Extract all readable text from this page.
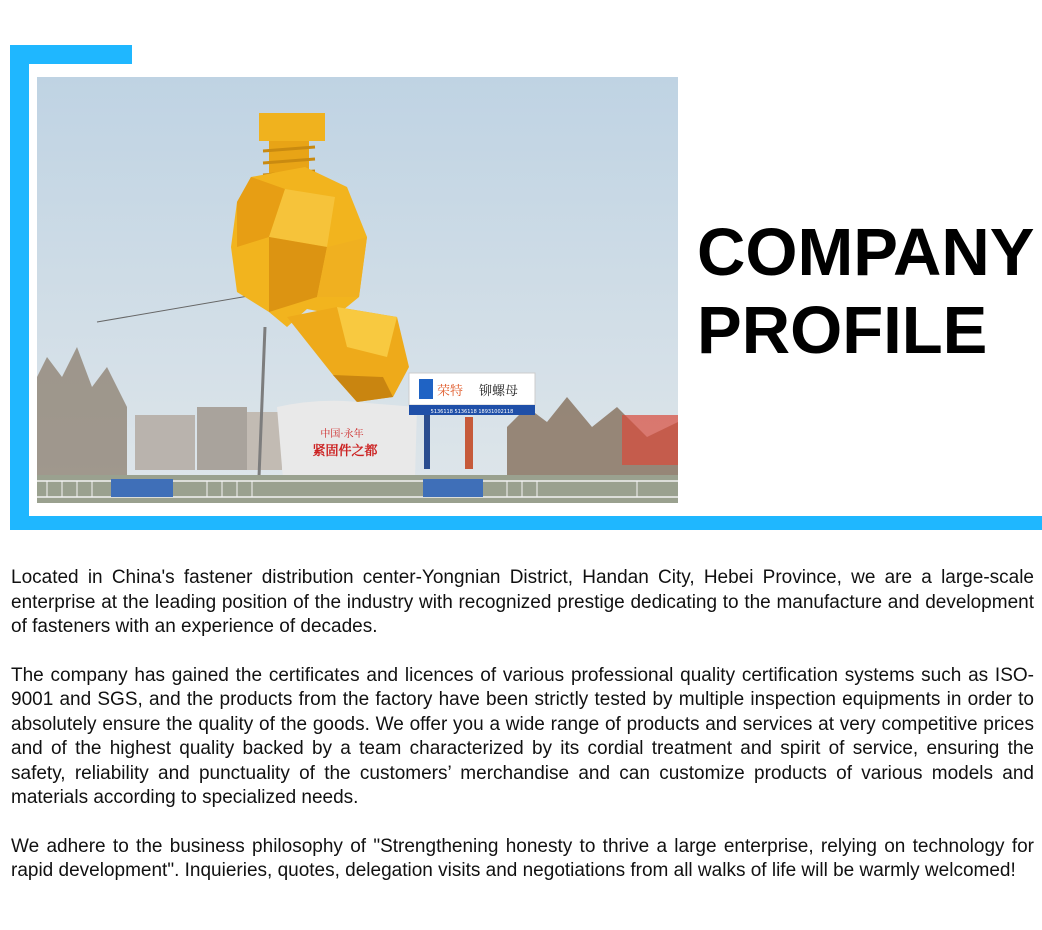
中国·永年
紧固件之都
荣特 铆螺母
5136118 5136118 18931002118
COMPANY
PROFILE

Located in China's fastener distribution center-Yongnian District, Handan City, Hebei Province, we are a large-scale enterprise at the leading position of the industry with recognized prestige dedicating to the manufacture and development of fasteners with an experience of decades.

The company has gained the certificates and licences of various professional quality certification systems such as ISO-9001 and SGS, and the products from the factory have been strictly tested by multiple inspection equipments in order to absolutely ensure the quality of the goods. We offer you a wide range of products and services at very competitive prices and of the highest quality backed by a team characterized by its cordial treatment and spirit of service, ensuring the safety, reliability and punctuality of the customers’ merchandise and can customize products of various models and materials according to specialized needs.

We adhere to the business philosophy of "Strengthening honesty to thrive a large enterprise, relying on technology for rapid development". Inquieries, quotes, delegation visits and negotiations from all walks of life will be warmly welcomed!
